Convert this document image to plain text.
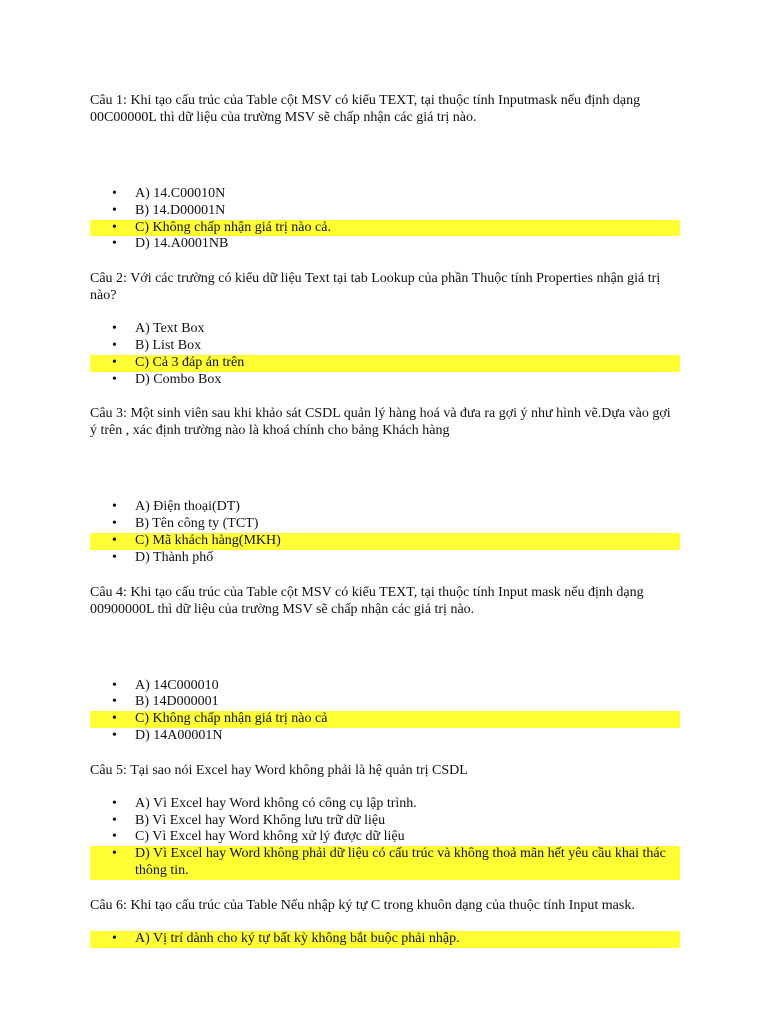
Câu 1: Khi tạo cấu trúc của Table cột MSV có kiểu TEXT, tại thuộc tính Inputmask nếu định dạng 00C00000L thì dữ liệu của trường MSV sẽ chấp nhận các giá trị nào.

• A) 14.C00010N
• B) 14.D00001N
• C) Không chấp nhận giá trị nào cả.
• D) 14.A0001NB

Câu 2: Với các trường có kiểu dữ liệu Text tại tab Lookup của phần Thuộc tính Properties nhận giá trị nào?

• A) Text Box
• B) List Box
• C) Cả 3 đáp án trên
• D) Combo Box

Câu 3: Một sinh viên sau khi khảo sát CSDL quản lý hàng hoá và đưa ra gợi ý như hình vẽ.Dựa vào gợi ý trên , xác định trường nào là khoá chính cho bảng Khách hàng

• A) Điện thoại(DT)
• B) Tên công ty (TCT)
• C) Mã khách hàng(MKH)
• D) Thành phố

Câu 4: Khi tạo cấu trúc của Table cột MSV có kiểu TEXT, tại thuộc tính Input mask nếu định dạng 00900000L thì dữ liệu của trường MSV sẽ chấp nhận các giá trị nào.

• A) 14C000010
• B) 14D000001
• C) Không chấp nhận giá trị nào cả
• D) 14A00001N

Câu 5: Tại sao nói Excel hay Word không phải là hệ quản trị CSDL

• A) Vì Excel hay Word không có công cụ lập trình.
• B) Vì Excel hay Word Không lưu trữ dữ liệu
• C) Vì Excel hay Word không xử lý được dữ liệu
• D) Vì Excel hay Word không phải dữ liệu có cấu trúc và không thoả mãn hết yêu cầu khai thác thông tin.

Câu 6: Khi tạo cấu trúc của Table Nếu nhập ký tự C trong khuôn dạng của thuộc tính Input mask.

• A) Vị trí dành cho ký tự bất kỳ không bắt buộc phải nhập.
